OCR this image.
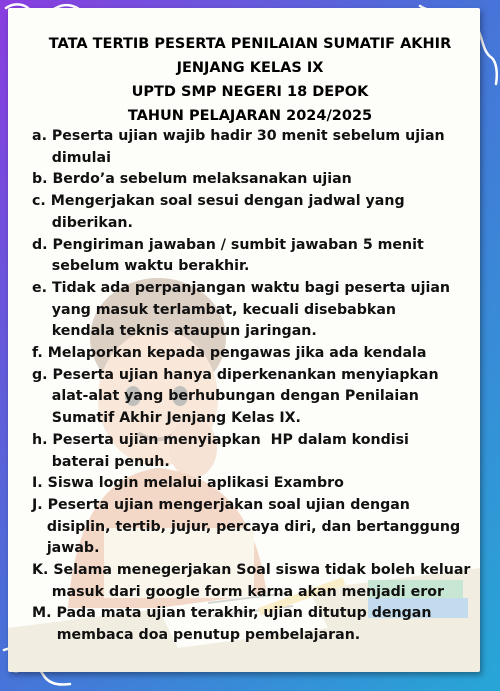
TATA TERTIB PESERTA PENILAIAN SUMATIF AKHIR
JENJANG KELAS IX
UPTD SMP NEGERI 18 DEPOK
TAHUN PELAJARAN 2024/2025
a. Peserta ujian wajib hadir 30 menit sebelum ujian
dimulai
b. Berdo’a sebelum melaksanakan ujian
c. Mengerjakan soal sesui dengan jadwal yang
diberikan.
d. Pengiriman jawaban / sumbit jawaban 5 menit
sebelum waktu berakhir.
e. Tidak ada perpanjangan waktu bagi peserta ujian
yang masuk terlambat, kecuali disebabkan
kendala teknis ataupun jaringan.
f. Melaporkan kepada pengawas jika ada kendala
g. Peserta ujian hanya diperkenankan menyiapkan
alat-alat yang berhubungan dengan Penilaian
Sumatif Akhir Jenjang Kelas IX.
h. Peserta ujian menyiapkan  HP dalam kondisi
baterai penuh.
I. Siswa login melalui aplikasi Exambro
J. Peserta ujian mengerjakan soal ujian dengan
disiplin, tertib, jujur, percaya diri, dan bertanggung
jawab.
K. Selama menegerjakan Soal siswa tidak boleh keluar
masuk dari google form karna akan menjadi eror
M. Pada mata ujian terakhir, ujian ditutup dengan
membaca doa penutup pembelajaran.
